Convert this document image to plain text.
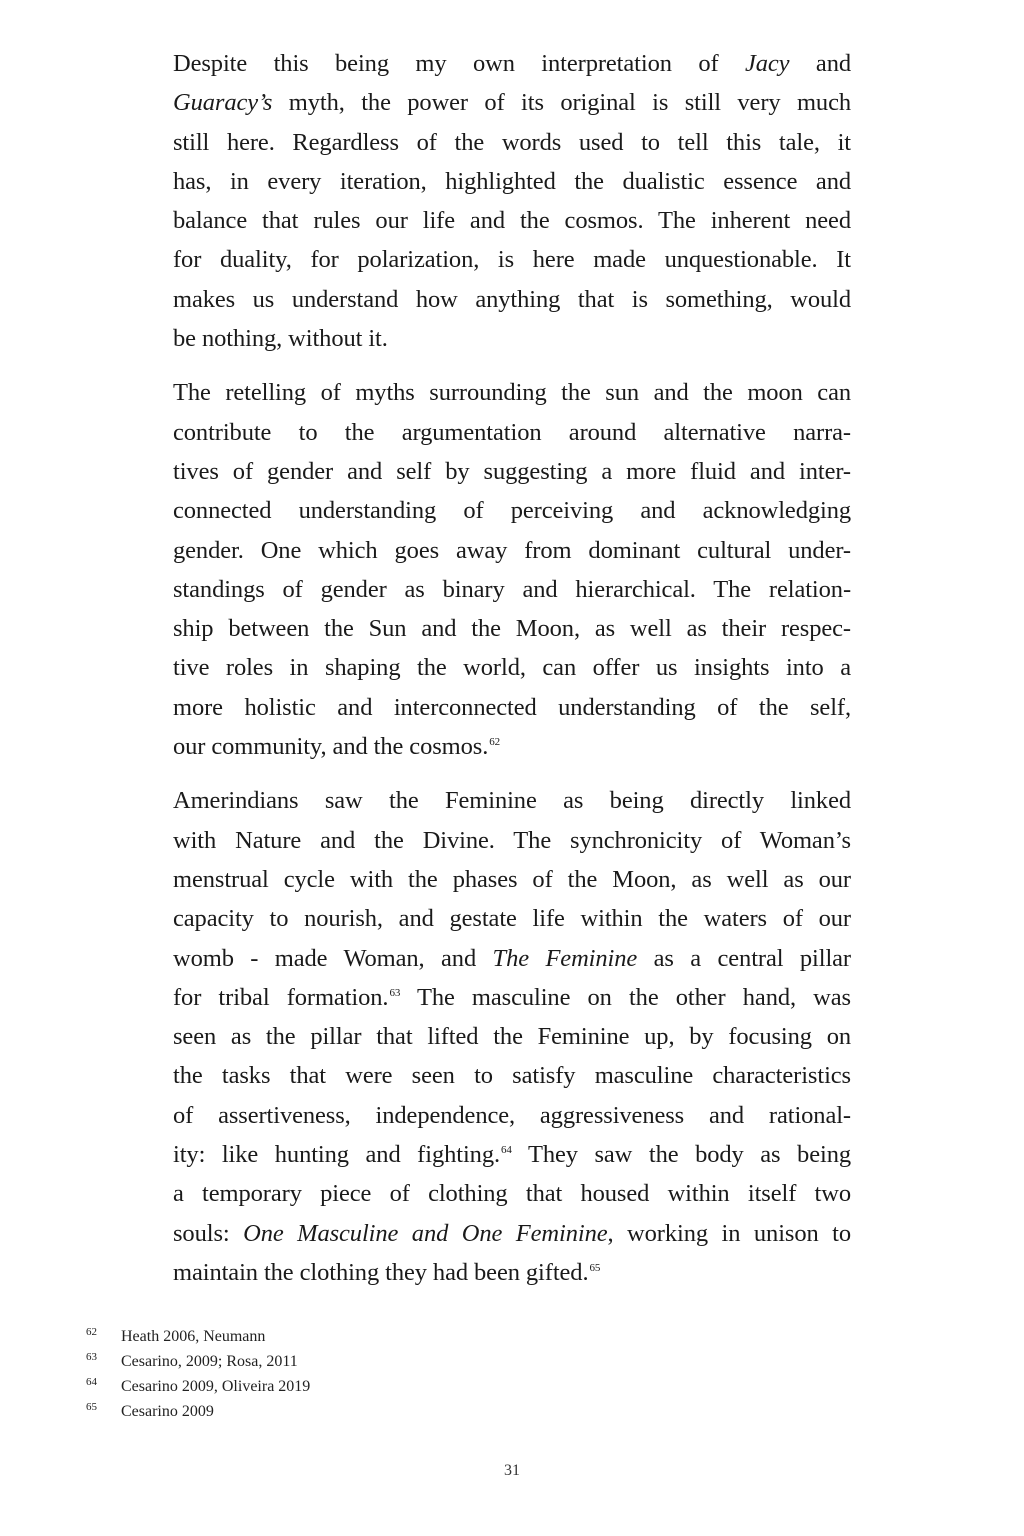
Despite this being my own interpretation of Jacy and
Guaracy’s myth, the power of its original is still very much
still here. Regardless of the words used to tell this tale, it
has, in every iteration, highlighted the dualistic essence and
balance that rules our life and the cosmos. The inherent need
for duality, for polarization, is here made unquestionable. It
makes us understand how anything that is something, would
be nothing, without it.

The retelling of myths surrounding the sun and the moon can
contribute to the argumentation around alternative narra-
tives of gender and self by suggesting a more fluid and inter-
connected understanding of perceiving and acknowledging
gender. One which goes away from dominant cultural under-
standings of gender as binary and hierarchical. The relation-
ship between the Sun and the Moon, as well as their respec-
tive roles in shaping the world, can offer us insights into a
more holistic and interconnected understanding of the self,
our community, and the cosmos.$^{62}$

Amerindians saw the Feminine as being directly linked
with Nature and the Divine. The synchronicity of Woman’s
menstrual cycle with the phases of the Moon, as well as our
capacity to nourish, and gestate life within the waters of our
womb - made Woman, and The Feminine as a central pillar
for tribal formation.$^{63}$ The masculine on the other hand, was
seen as the pillar that lifted the Feminine up, by focusing on
the tasks that were seen to satisfy masculine characteristics
of assertiveness, independence, aggressiveness and rational-
ity: like hunting and fighting.$^{64}$ They saw the body as being
a temporary piece of clothing that housed within itself two
souls: One Masculine and One Feminine, working in unison to
maintain the clothing they had been gifted.$^{65}$

62	Heath 2006, Neumann
63	Cesarino, 2009; Rosa, 2011
64	Cesarino 2009, Oliveira 2019
65	Cesarino 2009
31
